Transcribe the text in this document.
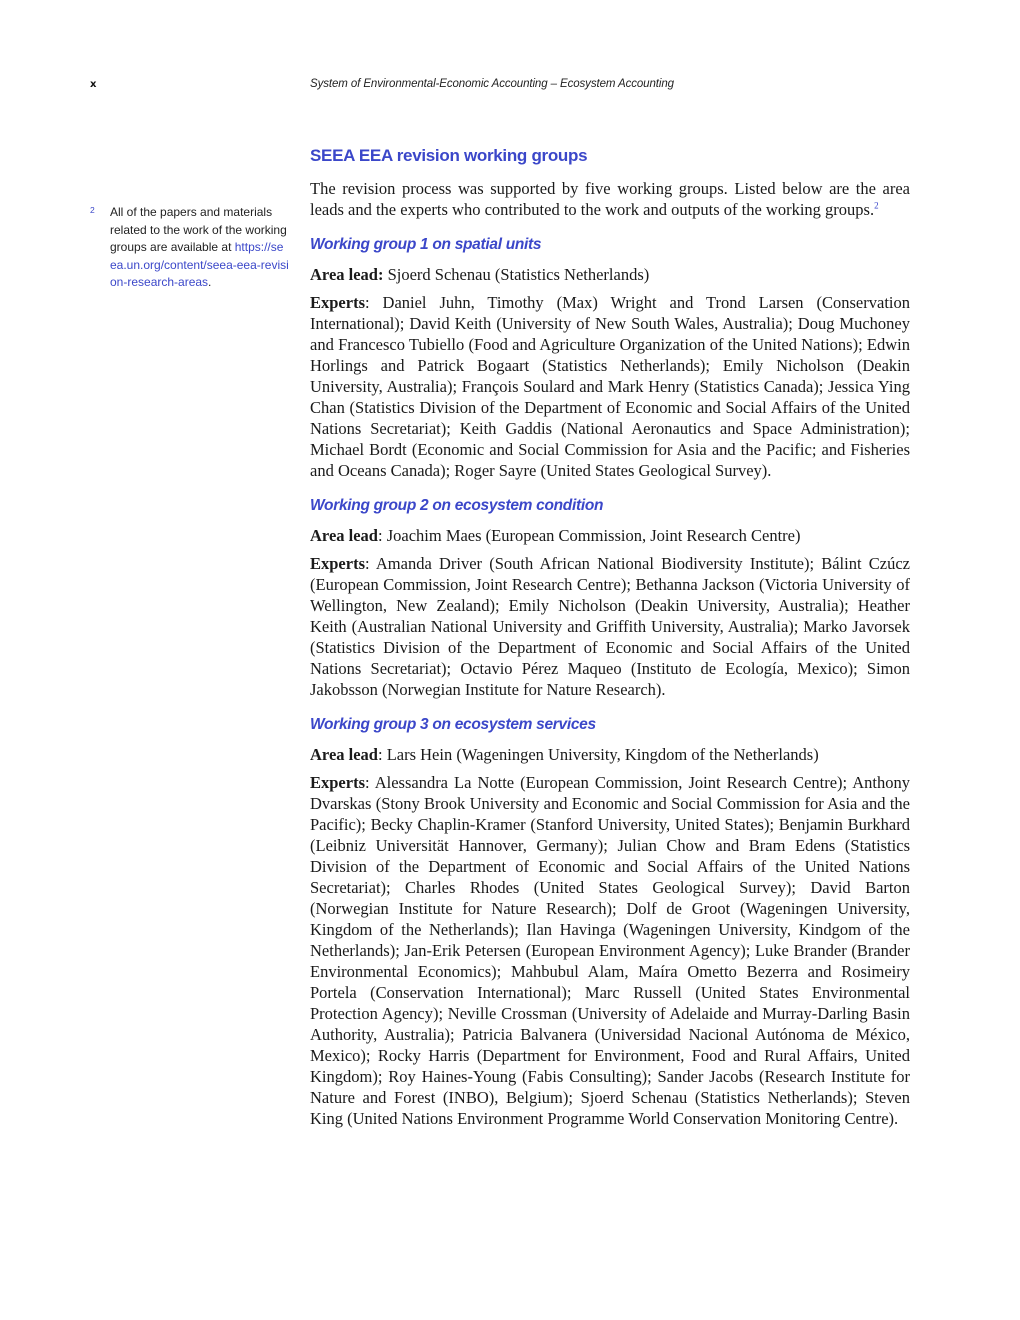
x	System of Environmental-Economic Accounting – Ecosystem Accounting
2 All of the papers and materials related to the work of the working groups are available at https://seea.un.org/content/seea-eea-revision-research-areas.
SEEA EEA revision working groups

The revision process was supported by five working groups. Listed below are the area leads and the experts who contributed to the work and outputs of the working groups.$^2$

Working group 1 on spatial units

Area lead: Sjoerd Schenau (Statistics Netherlands)

Experts: Daniel Juhn, Timothy (Max) Wright and Trond Larsen (Conservation International); David Keith (University of New South Wales, Australia); Doug Muchoney and Francesco Tubiello (Food and Agriculture Organization of the United Nations); Edwin Horlings and Patrick Bogaart (Statistics Netherlands); Emily Nicholson (Deakin University, Australia); François Soulard and Mark Henry (Statistics Canada); Jessica Ying Chan (Statistics Division of the Department of Economic and Social Affairs of the United Nations Secretariat); Keith Gaddis (National Aeronautics and Space Administration); Michael Bordt (Economic and Social Commission for Asia and the Pacific; and Fisheries and Oceans Canada); Roger Sayre (United States Geological Survey).

Working group 2 on ecosystem condition

Area lead: Joachim Maes (European Commission, Joint Research Centre)

Experts: Amanda Driver (South African National Biodiversity Institute); Bálint Czúcz (European Commission, Joint Research Centre); Bethanna Jackson (Victoria University of Wellington, New Zealand); Emily Nicholson (Deakin University, Australia); Heather Keith (Australian National University and Griffith University, Australia); Marko Javorsek (Statistics Division of the Department of Economic and Social Affairs of the United Nations Secretariat); Octavio Pérez Maqueo (Instituto de Ecología, Mexico); Simon Jakobsson (Norwegian Institute for Nature Research).

Working group 3 on ecosystem services

Area lead: Lars Hein (Wageningen University, Kingdom of the Netherlands)

Experts: Alessandra La Notte (European Commission, Joint Research Centre); Anthony Dvarskas (Stony Brook University and Economic and Social Commission for Asia and the Pacific); Becky Chaplin-Kramer (Stanford University, United States); Benjamin Burkhard (Leibniz Universität Hannover, Germany); Julian Chow and Bram Edens (Statistics Division of the Department of Economic and Social Affairs of the United Nations Secretariat); Charles Rhodes (United States Geological Survey); David Barton (Norwegian Institute for Nature Research); Dolf de Groot (Wageningen University, Kingdom of the Netherlands); Ilan Havinga (Wageningen University, Kindgom of the Netherlands); Jan-Erik Petersen (European Environment Agency); Luke Brander (Brander Environmental Economics); Mahbubul Alam, Maíra Ometto Bezerra and Rosimeiry Portela (Conservation International); Marc Russell (United States Environmental Protection Agency); Neville Crossman (University of Adelaide and Murray-Darling Basin Authority, Australia); Patricia Balvanera (Universidad Nacional Autónoma de México, Mexico); Rocky Harris (Department for Environment, Food and Rural Affairs, United Kingdom); Roy Haines-Young (Fabis Consulting); Sander Jacobs (Research Institute for Nature and Forest (INBO), Belgium); Sjoerd Schenau (Statistics Netherlands); Steven King (United Nations Environment Programme World Conservation Monitoring Centre).
